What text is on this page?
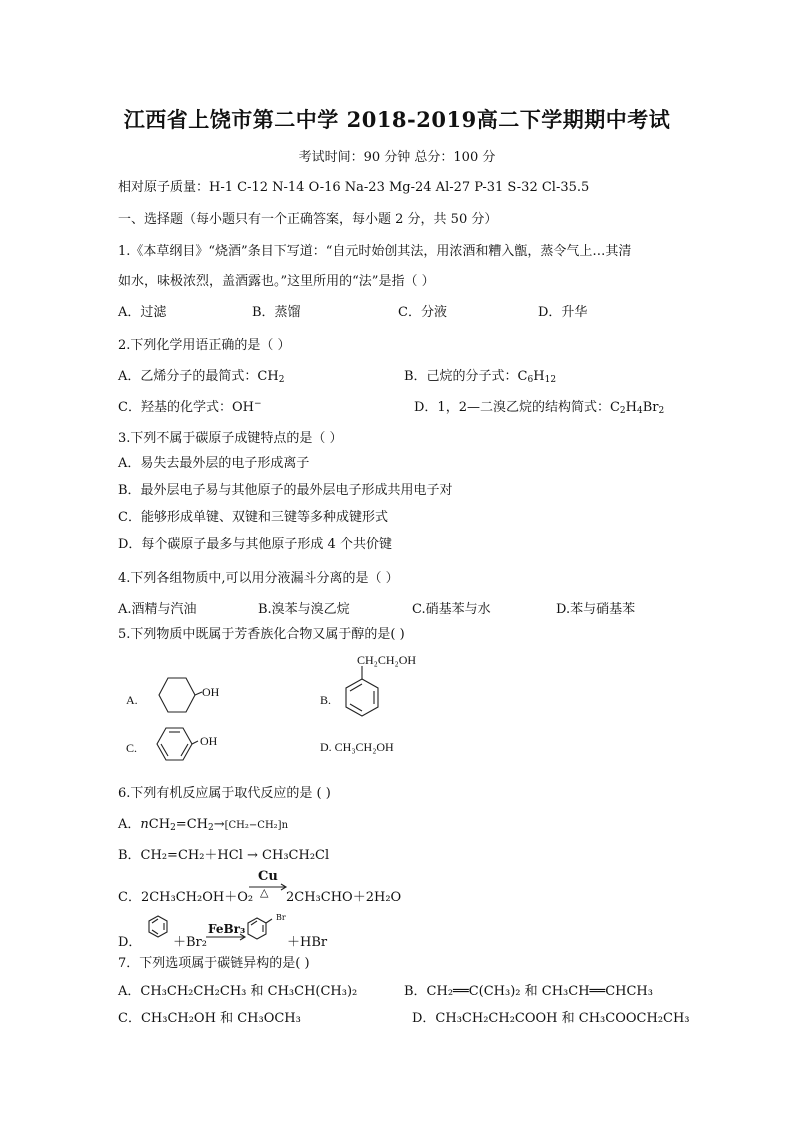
江西省上饶市第二中学 2018-2019高二下学期期中考试
考试时间：90 分钟 总分：100 分
相对原子质量：H-1 C-12 N-14 O-16 Na-23 Mg-24 Al-27 P-31 S-32 Cl-35.5
一、选择题（每小题只有一个正确答案，每小题 2 分，共 50 分）
1.《本草纲目》“烧酒”条目下写道：“自元时始创其法，用浓酒和糟入甑，蒸令气上…其清
如水，味极浓烈，盖酒露也。”这里所用的“法”是指（ ）
A．过滤	B．蒸馏	C．分液	D．升华
2.下列化学用语正确的是（ ）
A．乙烯分子的最简式：$CH_2$	B．己烷的分子式：$C_6H_{12}$
C．羟基的化学式：OH−	D．1，2—二溴乙烷的结构简式：$C_2H_4Br_2$
3.下列不属于碳原子成键特点的是（ ）
A．易失去最外层的电子形成离子
B．最外层电子易与其他原子的最外层电子形成共用电子对
C．能够形成单键、双键和三键等多种成键形式
D．每个碳原子最多与其他原子形成 4 个共价键
4.下列各组物质中,可以用分液漏斗分离的是（ ）
A.酒精与汽油	B.溴苯与溴乙烷	C.硝基苯与水	D.苯与硝基苯
5.下列物质中既属于芳香族化合物又属于醇的是( )
A.
OH
B.
CH₂CH₂OH
C.	OH	D. CH₃CH₂OH
6.下列有机反应属于取代反应的是 ( )
A．$nCH_2=CH_2\to[CH_2-CH_2]n$
B．CH₂=CH₂＋HCl → CH₃CH₂Cl
C．2CH₃CH₂OH＋O₂
Cu
△ 2CH₃CHO＋2H₂O
D． ＋Br₂
FeBr₃
Br
＋HBr
7．下列选项属于碳链异构的是( )
A．CH₃CH₂CH₂CH₃ 和 CH₃CH(CH₃)₂	B．CH₂══C(CH₃)₂ 和 CH₃CH══CHCH₃
C．CH₃CH₂OH 和 CH₃OCH₃	D．CH₃CH₂CH₂COOH 和 CH₃COOCH₂CH₃
